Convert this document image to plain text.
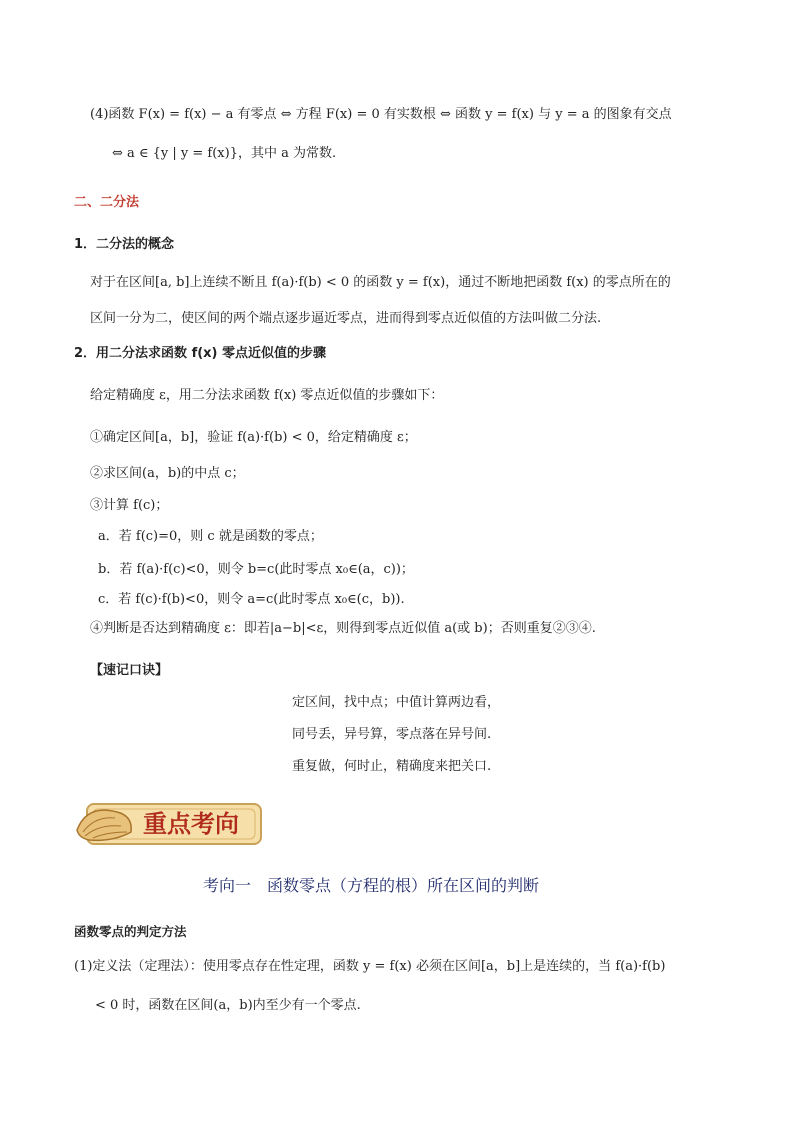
(4)函数 F(x) = f(x) − a 有零点 ⇔ 方程 F(x) = 0 有实数根 ⇔ 函数 y = f(x) 与 y = a 的图象有交点
⇔ a ∈ {y | y = f(x)}，其中 a 为常数.
二、二分法
1．二分法的概念
对于在区间[a, b]上连续不断且 f(a)·f(b) < 0 的函数 y = f(x)，通过不断地把函数 f(x) 的零点所在的
区间一分为二，使区间的两个端点逐步逼近零点，进而得到零点近似值的方法叫做二分法.
2．用二分法求函数 f(x) 零点近似值的步骤
给定精确度 ε，用二分法求函数 f(x) 零点近似值的步骤如下：
①确定区间[a，b]，验证 f(a)·f(b) < 0，给定精确度 ε；
②求区间(a，b)的中点 c；
③计算 f(c)；
a．若 f(c)=0，则 c 就是函数的零点；
b．若 f(a)·f(c)<0，则令 b=c(此时零点 x₀∈(a，c))；
c．若 f(c)·f(b)<0，则令 a=c(此时零点 x₀∈(c，b)).
④判断是否达到精确度 ε：即若|a−b|<ε，则得到零点近似值 a(或 b)；否则重复②③④.
【速记口诀】
定区间，找中点；中值计算两边看，
同号丢，异号算，零点落在异号间.
重复做，何时止，精确度来把关口.
重点考向
考向一　函数零点（方程的根）所在区间的判断
函数零点的判定方法
(1)定义法（定理法）：使用零点存在性定理，函数 y = f(x) 必须在区间[a，b]上是连续的，当 f(a)·f(b)
< 0 时，函数在区间(a，b)内至少有一个零点.
